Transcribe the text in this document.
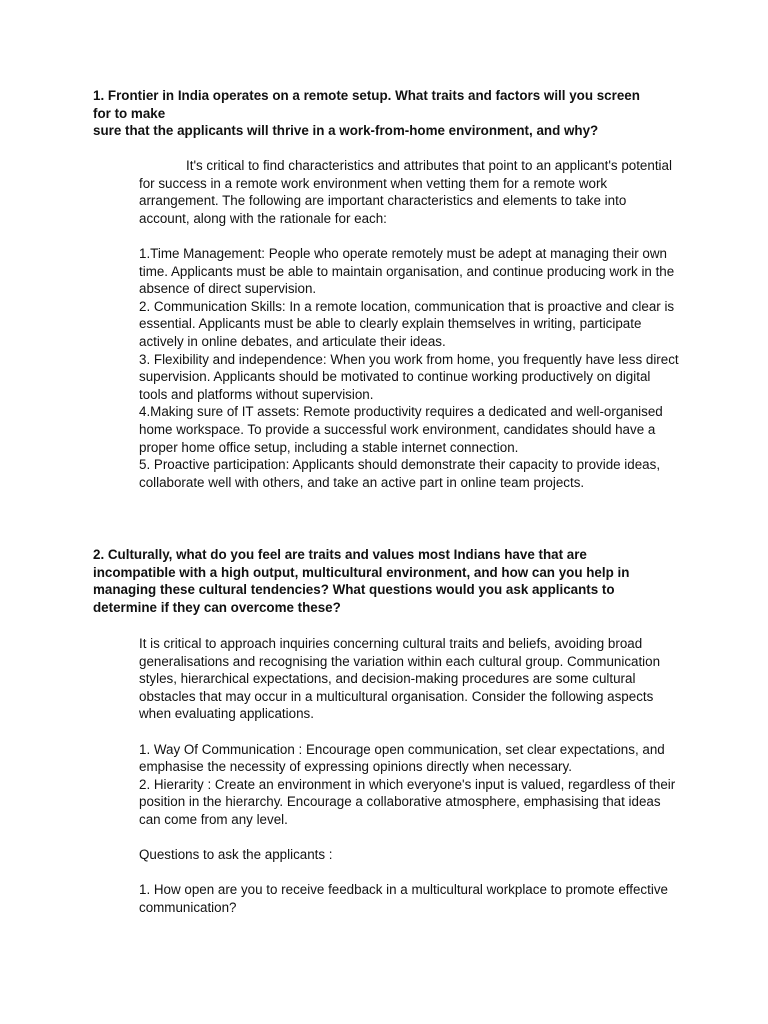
1. Frontier in India operates on a remote setup. What traits and factors will you screen
for to make
sure that the applicants will thrive in a work-from-home environment, and why?

It's critical to find characteristics and attributes that point to an applicant's potential for success in a remote work environment when vetting them for a remote work arrangement. The following are important characteristics and elements to take into account, along with the rationale for each:

1.Time Management: People who operate remotely must be adept at managing their own time. Applicants must be able to maintain organisation, and continue producing work in the absence of direct supervision.

2. Communication Skills: In a remote location, communication that is proactive and clear is essential. Applicants must be able to clearly explain themselves in writing, participate actively in online debates, and articulate their ideas.

3. Flexibility and independence: When you work from home, you frequently have less direct supervision. Applicants should be motivated to continue working productively on digital tools and platforms without supervision.

4.Making sure of IT assets: Remote productivity requires a dedicated and well-organised home workspace. To provide a successful work environment, candidates should have a proper home office setup, including a stable internet connection.

5. Proactive participation: Applicants should demonstrate their capacity to provide ideas, collaborate well with others, and take an active part in online team projects.

2. Culturally, what do you feel are traits and values most Indians have that are
incompatible with a high output, multicultural environment, and how can you help in
managing these cultural tendencies? What questions would you ask applicants to
determine if they can overcome these?

It is critical to approach inquiries concerning cultural traits and beliefs, avoiding broad generalisations and recognising the variation within each cultural group. Communication styles, hierarchical expectations, and decision-making procedures are some cultural obstacles that may occur in a multicultural organisation. Consider the following aspects when evaluating applications.

1. Way Of Communication : Encourage open communication, set clear expectations, and emphasise the necessity of expressing opinions directly when necessary.

2. Hierarity : Create an environment in which everyone's input is valued, regardless of their position in the hierarchy. Encourage a collaborative atmosphere, emphasising that ideas can come from any level.

Questions to ask the applicants :

1. How open are you to receive feedback in a multicultural workplace to promote effective communication?
